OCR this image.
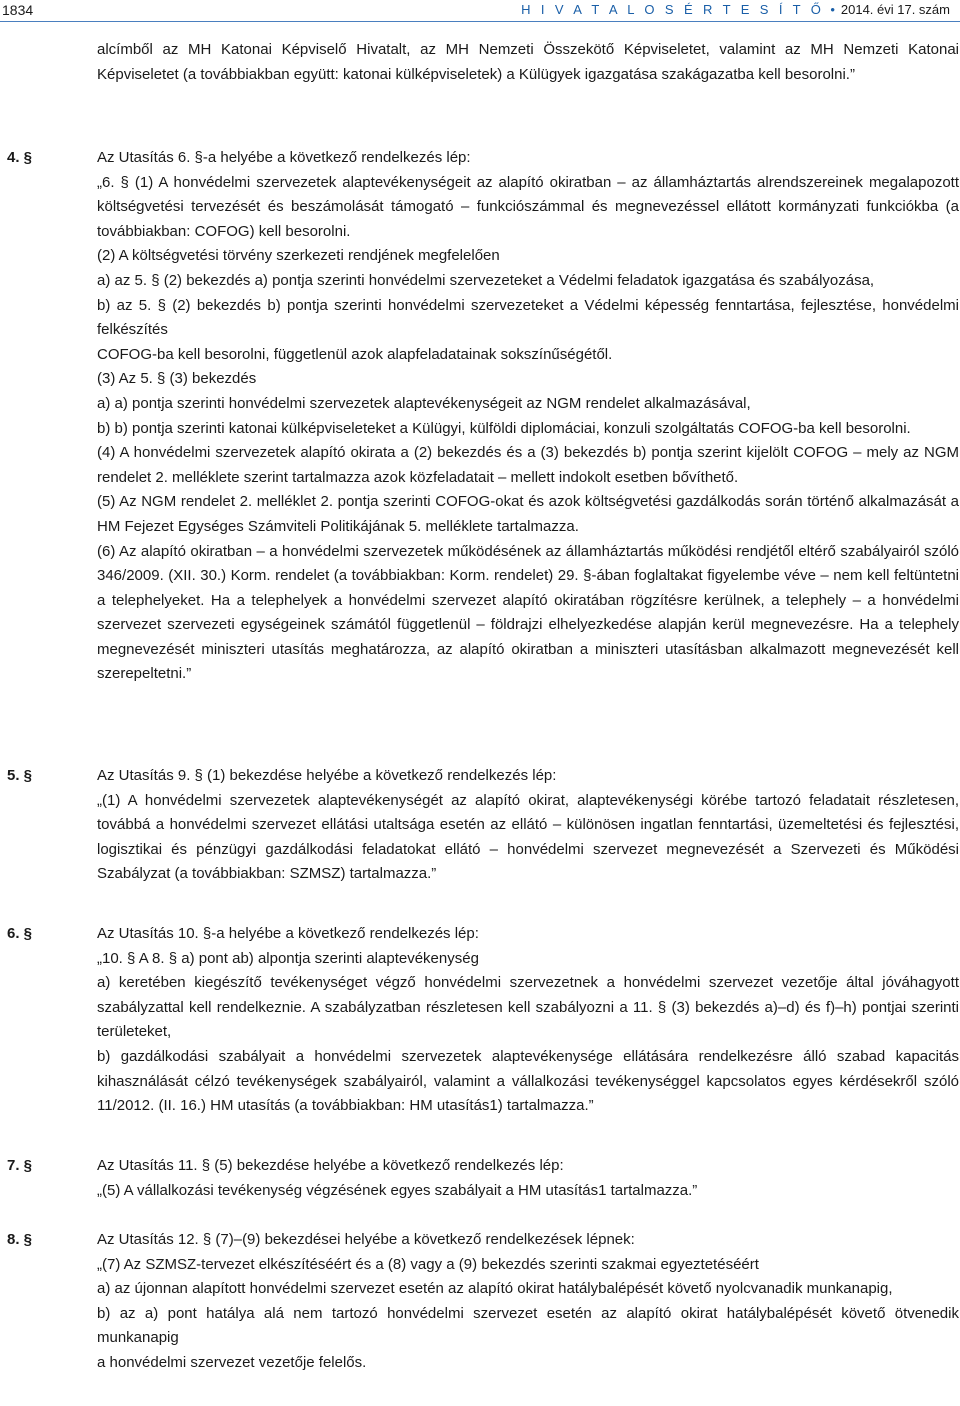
1834	H I V A T A L O S É R T E S Í T Ő • 2014. évi 17. szám

alcímből az MH Katonai Képviselő Hivatalt, az MH Nemzeti Összekötő Képviseletet, valamint az MH Nemzeti Katonai Képviseletet (a továbbiakban együtt: katonai külképviseletek) a Külügyek igazgatása szakágazatba kell besorolni.”

4. §	Az Utasítás 6. §-a helyébe a következő rendelkezés lép:

„6. § (1) A honvédelmi szervezetek alaptevékenységeit az alapító okiratban – az államháztartás alrendszereinek megalapozott költségvetési tervezését és beszámolását támogató – funkciószámmal és megnevezéssel ellátott kormányzati funkciókba (a továbbiakban: COFOG) kell besorolni.

(2) A költségvetési törvény szerkezeti rendjének megfelelően

a) az 5. § (2) bekezdés a) pontja szerinti honvédelmi szervezeteket a Védelmi feladatok igazgatása és szabályozása,

b) az 5. § (2) bekezdés b) pontja szerinti honvédelmi szervezeteket a Védelmi képesség fenntartása, fejlesztése, honvédelmi felkészítés

COFOG-ba kell besorolni, függetlenül azok alapfeladatainak sokszínűségétől.

(3) Az 5. § (3) bekezdés

a) a) pontja szerinti honvédelmi szervezetek alaptevékenységeit az NGM rendelet alkalmazásával,

b) b) pontja szerinti katonai külképviseleteket a Külügyi, külföldi diplomáciai, konzuli szolgáltatás COFOG-ba kell besorolni.

(4) A honvédelmi szervezetek alapító okirata a (2) bekezdés és a (3) bekezdés b) pontja szerint kijelölt COFOG – mely az NGM rendelet 2. melléklete szerint tartalmazza azok közfeladatait – mellett indokolt esetben bővíthető.

(5) Az NGM rendelet 2. melléklet 2. pontja szerinti COFOG-okat és azok költségvetési gazdálkodás során történő alkalmazását a HM Fejezet Egységes Számviteli Politikájának 5. melléklete tartalmazza.

(6) Az alapító okiratban – a honvédelmi szervezetek működésének az államháztartás működési rendjétől eltérő szabályairól szóló 346/2009. (XII. 30.) Korm. rendelet (a továbbiakban: Korm. rendelet) 29. §-ában foglaltakat figyelembe véve – nem kell feltüntetni a telephelyeket. Ha a telephelyek a honvédelmi szervezet alapító okiratában rögzítésre kerülnek, a telephely – a honvédelmi szervezet szervezeti egységeinek számától függetlenül – földrajzi elhelyezkedése alapján kerül megnevezésre. Ha a telephely megnevezését miniszteri utasítás meghatározza, az alapító okiratban a miniszteri utasításban alkalmazott megnevezését kell szerepeltetni.”

5. §	Az Utasítás 9. § (1) bekezdése helyébe a következő rendelkezés lép:

„(1) A honvédelmi szervezetek alaptevékenységét az alapító okirat, alaptevékenységi körébe tartozó feladatait részletesen, továbbá a honvédelmi szervezet ellátási utaltsága esetén az ellátó – különösen ingatlan fenntartási, üzemeltetési és fejlesztési, logisztikai és pénzügyi gazdálkodási feladatokat ellátó – honvédelmi szervezet megnevezését a Szervezeti és Működési Szabályzat (a továbbiakban: SZMSZ) tartalmazza.”

6. §	Az Utasítás 10. §-a helyébe a következő rendelkezés lép:

„10. § A 8. § a) pont ab) alpontja szerinti alaptevékenység

a) keretében kiegészítő tevékenységet végző honvédelmi szervezetnek a honvédelmi szervezet vezetője által jóváhagyott szabályzattal kell rendelkeznie. A szabályzatban részletesen kell szabályozni a 11. § (3) bekezdés a)–d) és f)–h) pontjai szerinti területeket,

b) gazdálkodási szabályait a honvédelmi szervezetek alaptevékenysége ellátására rendelkezésre álló szabad kapacitás kihasználását célzó tevékenységek szabályairól, valamint a vállalkozási tevékenységgel kapcsolatos egyes kérdésekről szóló 11/2012. (II. 16.) HM utasítás (a továbbiakban: HM utasítás1) tartalmazza.”

7. §	Az Utasítás 11. § (5) bekezdése helyébe a következő rendelkezés lép:

„(5) A vállalkozási tevékenység végzésének egyes szabályait a HM utasítás1 tartalmazza.”

8. §	Az Utasítás 12. § (7)–(9) bekezdései helyébe a következő rendelkezések lépnek:

„(7) Az SZMSZ-tervezet elkészítéséért és a (8) vagy a (9) bekezdés szerinti szakmai egyeztetéséért

a) az újonnan alapított honvédelmi szervezet esetén az alapító okirat hatálybalépését követő nyolcvanadik munkanapig,

b) az a) pont hatálya alá nem tartozó honvédelmi szervezet esetén az alapító okirat hatálybalépését követő ötvenedik munkanapig

a honvédelmi szervezet vezetője felelős.
